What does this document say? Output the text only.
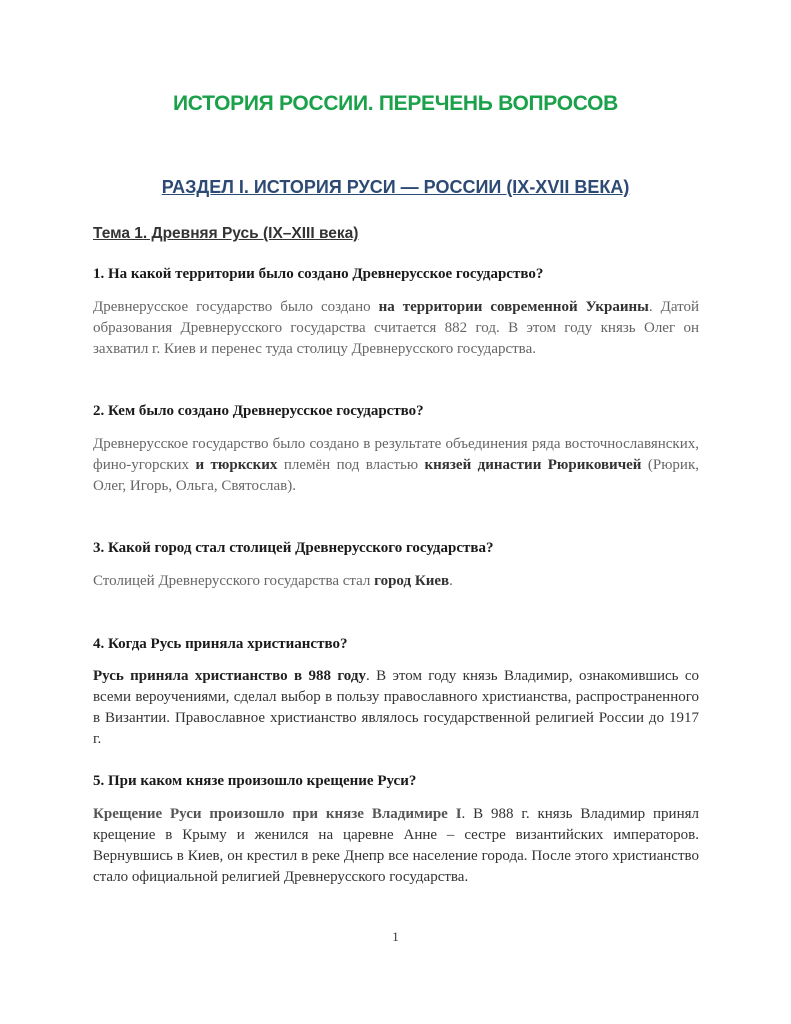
ИСТОРИЯ РОССИИ. ПЕРЕЧЕНЬ ВОПРОСОВ
РАЗДЕЛ I. ИСТОРИЯ РУСИ — РОССИИ (IX-XVII ВЕКА)
Тема 1. Древняя Русь (IX–XIII века)
1. На какой территории было создано Древнерусское государство?
Древнерусское государство было создано на территории современной Украины. Датой образования Древнерусского государства считается 882 год. В этом году князь Олег он захватил г. Киев и перенес туда столицу Древнерусского государства.
2. Кем было создано Древнерусское государство?
Древнерусское государство было создано в результате объединения ряда восточнославянских, фино-угорских и тюркских племён под властью князей династии Рюриковичей (Рюрик, Олег, Игорь, Ольга, Святослав).
3. Какой город стал столицей Древнерусского государства?
Столицей Древнерусского государства стал город Киев.
4. Когда Русь приняла христианство?
Русь приняла христианство в 988 году. В этом году князь Владимир, ознакомившись со всеми вероучениями, сделал выбор в пользу православного христианства, распространенного в Византии. Православное христианство являлось государственной религией России до 1917 г.
5. При каком князе произошло крещение Руси?
Крещение Руси произошло при князе Владимире I. В 988 г. князь Владимир принял крещение в Крыму и женился на царевне Анне – сестре византийских императоров. Вернувшись в Киев, он крестил в реке Днепр все население города. После этого христианство стало официальной религией Древнерусского государства.
1
